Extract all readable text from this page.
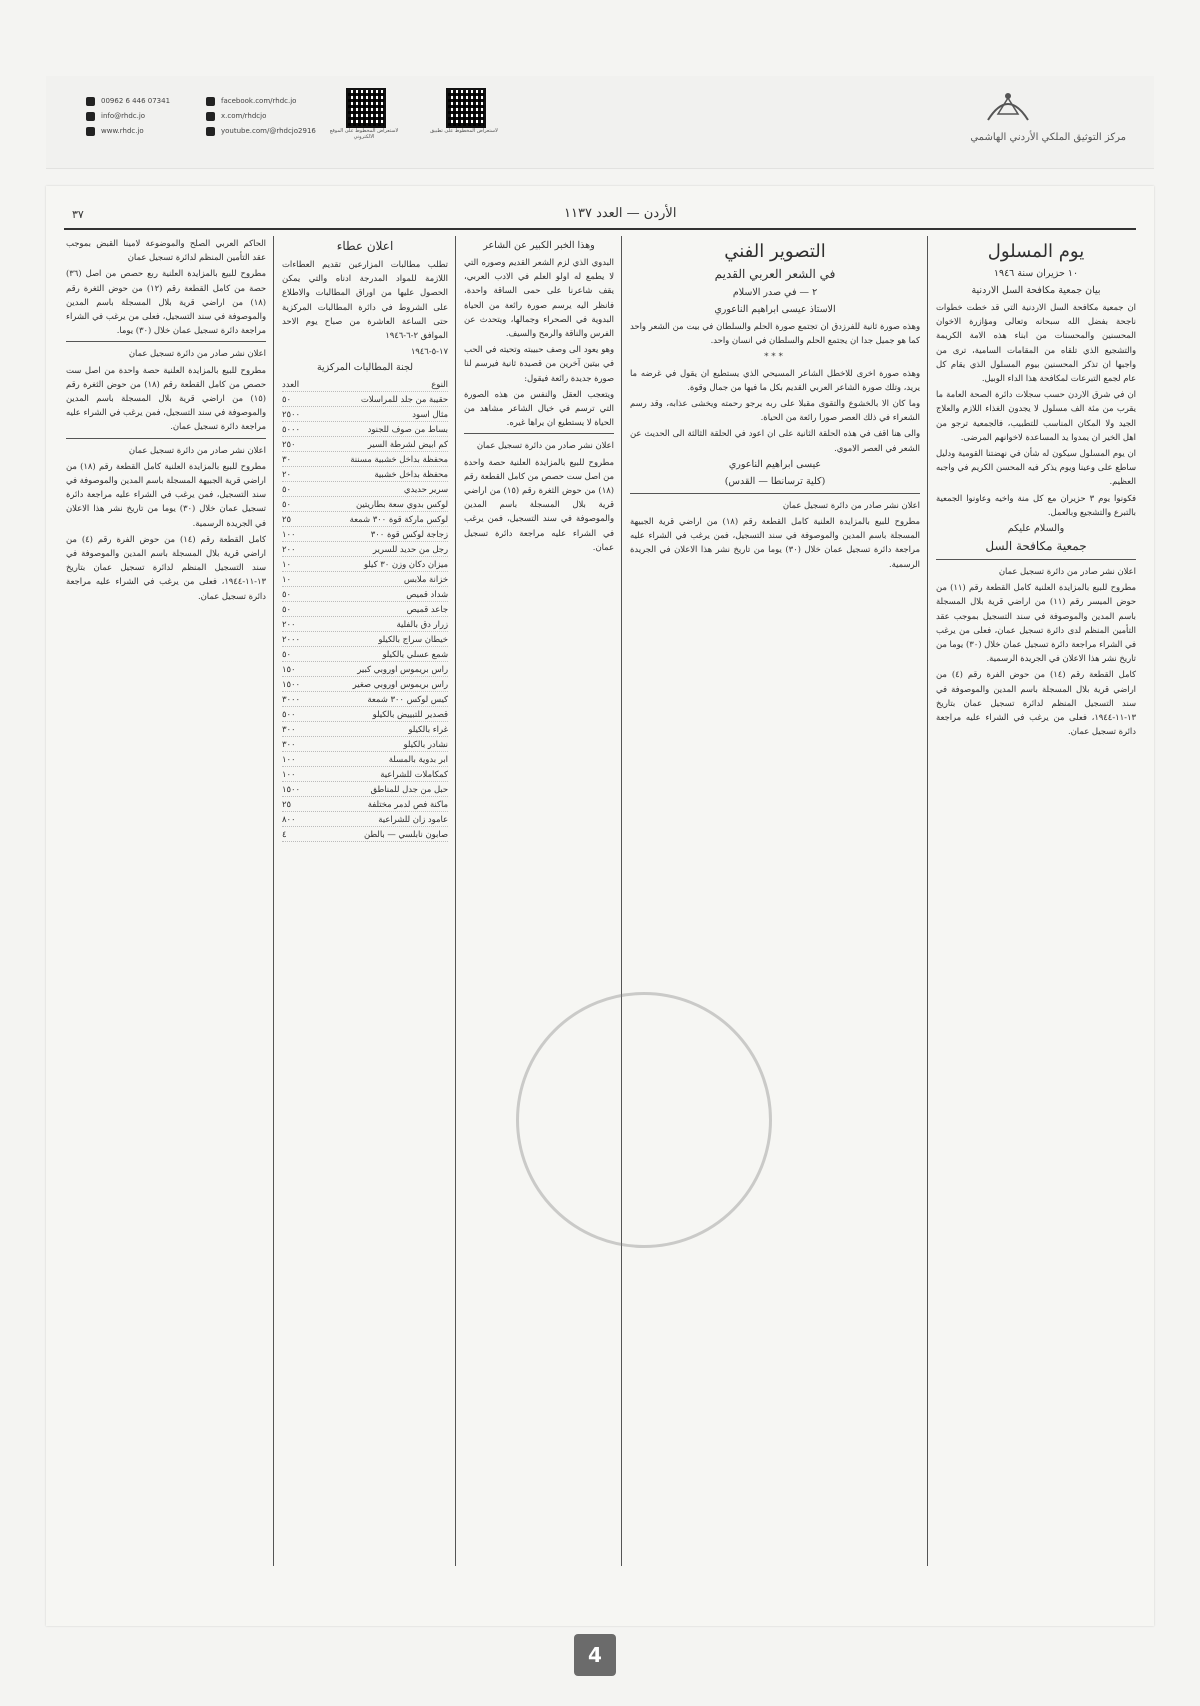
00962 6 446 07341
info@rhdc.jo
www.rhdc.jo
facebook.com/rhdc.jo
x.com/rhdcjo
youtube.com/@rhdcjo2916	لاستعراض المخطوط على الموقع الالكتروني
لاستعراض المخطوط على تطبيق
مركز التوثيق الملكي الأردني الهاشمي
٣٧	الأردن — العدد ١١٣٧
يوم المسلول
١٠ حزيران سنة ١٩٤٦
بيان جمعية مكافحة السل الاردنية

ان جمعية مكافحة السل الاردنية التي قد خطت خطوات ناجحة بفضل الله سبحانه وتعالى ومؤازرة الاخوان المحسنين والمحسنات من ابناء هذه الامة الكريمة والتشجيع الذي تلقاه من المقامات السامية، ترى من واجبها ان تذكر المحسنين بيوم المسلول الذي يقام كل عام لجمع التبرعات لمكافحة هذا الداء الوبيل.

ان في شرق الاردن حسب سجلات دائرة الصحة العامة ما يقرب من مئة الف مسلول لا يجدون الغذاء اللازم والعلاج الجيد ولا المكان المناسب للتطبيب، فالجمعية ترجو من اهل الخير ان يمدوا يد المساعدة لاخوانهم المرضى.

ان يوم المسلول سيكون له شأن في نهضتنا القومية ودليل ساطع على وعينا ويوم يذكر فيه المحسن الكريم في واجبه العظيم.

فكونوا يوم ٣ حزيران مع كل منة واخيه وعاونوا الجمعية بالتبرع والتشجيع وبالعمل.

والسلام عليكم
جمعية مكافحة السل

اعلان نشر صادر من دائرة تسجيل عمان

مطروح للبيع بالمزايدة العلنية كامل القطعة رقم (١١) من حوض الميسر رقم (١١) من اراضي قرية بلال المسجلة باسم المدين والموصوفة في سند التسجيل بموجب عقد التأمين المنظم لدى دائرة تسجيل عمان، فعلى من يرغب في الشراء مراجعة دائرة تسجيل عمان خلال (٣٠) يوما من تاريخ نشر هذا الاعلان في الجريدة الرسمية.

كامل القطعة رقم (١٤) من حوض الفرة رقم (٤) من اراضي قرية بلال المسجلة باسم المدين والموصوفة في سند التسجيل المنظم لدائرة تسجيل عمان بتاريخ ١٣-١١-١٩٤٤، فعلى من يرغب في الشراء عليه مراجعة دائرة تسجيل عمان.

التصوير الفني
في الشعر العربي القديم
٢ — في صدر الاسلام
الاستاذ عيسى ابراهيم الناعوري

وهذه صورة ثانية للفرزدق ان تجتمع صورة الحلم والسلطان في بيت من الشعر واحد كما هو جميل جدا ان يجتمع الحلم والسلطان في انسان واحد.

***

وهذه صورة اخرى للاخطل الشاعر المسيحي الذي يستطيع ان يقول في غرضه ما يريد، وتلك صورة الشاعر العربي القديم بكل ما فيها من جمال وقوة.

وما كان الا بالخشوع والتقوى مقبلا على ربه يرجو رحمته ويخشى عذابه، وقد رسم الشعراء في ذلك العصر صورا رائعة من الحياة.

والى هنا اقف في هذه الحلقة الثانية على ان اعود في الحلقة الثالثة الى الحديث عن الشعر في العصر الاموي.

عيسى ابراهيم الناعوري
(كلية ترسانطا — القدس)

اعلان نشر صادر من دائرة تسجيل عمان

مطروح للبيع بالمزايدة العلنية كامل القطعة رقم (١٨) من اراضي قرية الجبيهة المسجلة باسم المدين والموصوفة في سند التسجيل، فمن يرغب في الشراء عليه مراجعة دائرة تسجيل عمان خلال (٣٠) يوما من تاريخ نشر هذا الاعلان في الجريدة الرسمية.

وهذا الخبر الكبير عن الشاعر

البدوي الذي لزم الشعر القديم وصوره التي لا يطمع له اولو العلم في الادب العربي، يقف شاعرنا على حمى الساقة واحدة، فانظر اليه يرسم صورة رائعة من الحياة البدوية في الصحراء وجمالها، ويتحدث عن الفرس والناقة والرمح والسيف.

وهو يعود الى وصف حبيبته وتحيته في الحب في بيتين آخرين من قصيدة ثانية فيرسم لنا صورة جديدة رائعة فيقول:

ويتعجب العقل والنفس من هذه الصورة التي ترسم في خيال الشاعر مشاهد من الحياة لا يستطيع ان يراها غيره.

اعلان نشر صادر من دائرة تسجيل عمان

مطروح للبيع بالمزايدة العلنية حصة واحدة من اصل ست حصص من كامل القطعة رقم (١٨) من حوض الثغرة رقم (١٥) من اراضي قرية بلال المسجلة باسم المدين والموصوفة في سند التسجيل، فمن يرغب في الشراء عليه مراجعة دائرة تسجيل عمان.

اعلان عطاء

تطلب مطالبات المزارعين تقديم العطاءات اللازمة للمواد المدرجة ادناه والتي يمكن الحصول عليها من اوراق المطالبات والاطلاع على الشروط في دائرة المطالبات المركزية حتى الساعة العاشرة من صباح يوم الاحد الموافق ٢-٦-١٩٤٦

١٧-٥-١٩٤٦

لجنة المطالبات المركزية
النوع
العدد
حقيبة من جلد للمراسلات
٥٠
مثال اسود
٢٥٠٠
بساط من صوف للجنود
٥٠٠٠
كم ابيض لشرطة السير
٢٥٠
محفظة بداخل خشبية مسننة
٣٠
محفظة بداخل خشبية
٢٠
سرير حديدي
٥٠
لوكس بدوي سعة بطاريتين
٥٠
لوكس ماركة قوة ٣٠٠ شمعة
٢٥
زجاجة لوكس قوة ٣٠٠
١٠٠
رجل من حديد للسرير
٢٠٠
ميزان دكان وزن ٣٠ كيلو
١٠
خزانة ملابس
١٠
شداد قميص
٥٠
جاعد قميص
٥٠
زرار دق بالفلية
٢٠٠
خيطان سراج بالكيلو
٢٠٠٠
شمع عسلي بالكيلو
٥٠
راس بريموس اوروبي كبير
١٥٠
راس بريموس اوروبي صغير
١٥٠٠
كيس لوكس ٣٠٠ شمعة
٣٠٠٠
قصدير للتبييض بالكيلو
٥٠٠
غراء بالكيلو
٣٠٠
نشادر بالكيلو
٣٠٠
ابر بدوية بالمسلة
١٠٠
كمكاملات للشراعية
١٠٠
حبل من جدل للمناطق
١٥٠٠
ماكنة فص لدمر مختلفة
٢٥
عامود زان للشراعية
٨٠٠
صابون نابلسي — بالطن
٤

الحاكم العربي الصلح والموضوعة لامينا القبض بموجب عقد التأمين المنظم لدائرة تسجيل عمان

مطروح للبيع بالمزايدة العلنية ربع حصص من اصل (٣٦) حصة من كامل القطعة رقم (١٢) من حوض الثغرة رقم (١٨) من اراضي قرية بلال المسجلة باسم المدين والموصوفة في سند التسجيل، فعلى من يرغب في الشراء مراجعة دائرة تسجيل عمان خلال (٣٠) يوما.

اعلان نشر صادر من دائرة تسجيل عمان

مطروح للبيع بالمزايدة العلنية حصة واحدة من اصل ست حصص من كامل القطعة رقم (١٨) من حوض الثغرة رقم (١٥) من اراضي قرية بلال المسجلة باسم المدين والموصوفة في سند التسجيل، فمن يرغب في الشراء عليه مراجعة دائرة تسجيل عمان.

اعلان نشر صادر من دائرة تسجيل عمان

مطروح للبيع بالمزايدة العلنية كامل القطعة رقم (١٨) من اراضي قرية الجبيهة المسجلة باسم المدين والموصوفة في سند التسجيل، فمن يرغب في الشراء عليه مراجعة دائرة تسجيل عمان خلال (٣٠) يوما من تاريخ نشر هذا الاعلان في الجريدة الرسمية.

كامل القطعة رقم (١٤) من حوض الفرة رقم (٤) من اراضي قرية بلال المسجلة باسم المدين والموصوفة في سند التسجيل المنظم لدائرة تسجيل عمان بتاريخ ١٣-١١-١٩٤٤، فعلى من يرغب في الشراء عليه مراجعة دائرة تسجيل عمان.

4
